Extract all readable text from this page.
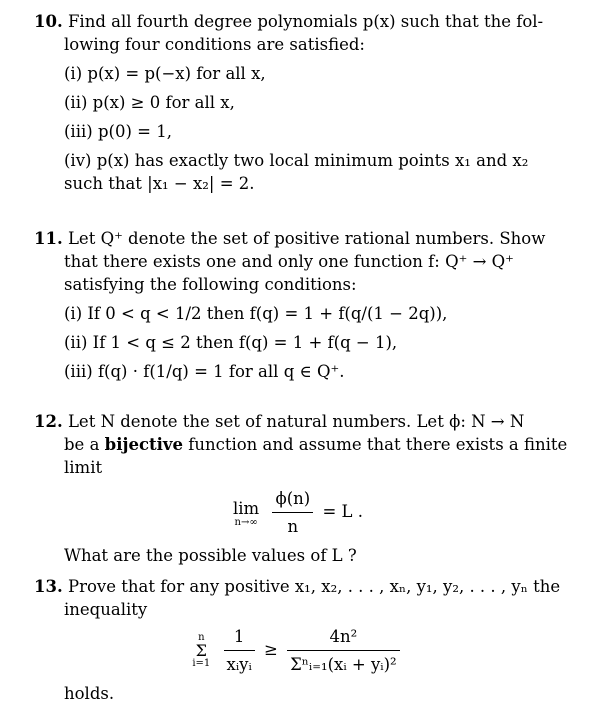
10. Find all fourth degree polynomials p(x) such that the fol-
lowing four conditions are satisfied:
(i) p(x) = p(−x) for all x,
(ii) p(x) ≥ 0 for all x,
(iii) p(0) = 1,
(iv) p(x) has exactly two local minimum points x₁ and x₂
such that |x₁ − x₂| = 2.
11. Let Q⁺ denote the set of positive rational numbers. Show
that there exists one and only one function f: Q⁺ → Q⁺
satisfying the following conditions:
(i) If 0 < q < 1/2 then f(q) = 1 + f(q/(1 − 2q)),
(ii) If 1 < q ≤ 2 then f(q) = 1 + f(q − 1),
(iii) f(q) · f(1/q) = 1 for all q ∈ Q⁺.
12. Let N denote the set of natural numbers. Let ϕ: N → N
be a bijective function and assume that there exists a finite
limit
lim
n→∞
$\frac{\phi(n)}{n} = L$ .
What are the possible values of L ?
13. Prove that for any positive x₁, x₂, . . . , xₙ, y₁, y₂, . . . , yₙ the
inequality
n
Σ
i=1
$\frac{1}{\text{xᵢyᵢ}} \ge \frac{\text{4n²}}{\text{Σⁿᵢ₌₁(xᵢ + yᵢ)²}}$
holds.
